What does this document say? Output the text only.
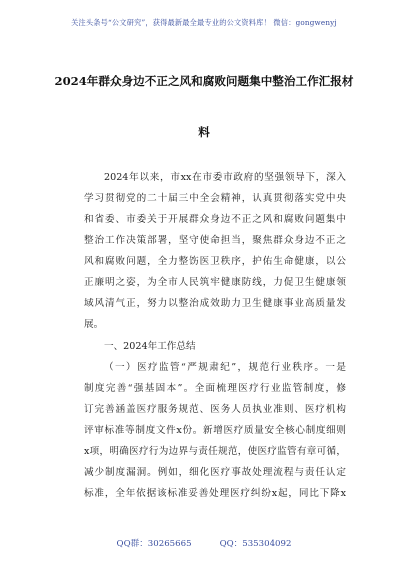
关注头条号“公文研究”，获得最新最全最专业的公文资料库！ 微信：gongwenyj
2024年群众身边不正之风和腐败问题集中整治工作汇报材
料
2024年以来，市xx在市委市政府的坚强领导下，深入
学习贯彻党的二十届三中全会精神，认真贯彻落实党中央
和省委、市委关于开展群众身边不正之风和腐败问题集中
整治工作决策部署，坚守使命担当，聚焦群众身边不正之
风和腐败问题，全力整饬医卫秩序，护佑生命健康，以公
正廉明之姿，为全市人民筑牢健康防线，力促卫生健康领
域风清气正，努力以整治成效助力卫生健康事业高质量发
展。
一、2024年工作总结
（一）医疗监管“严规肃纪”，规范行业秩序。一是
制度完善“强基固本”。全面梳理医疗行业监管制度，修
订完善涵盖医疗服务规范、医务人员执业准则、医疗机构
评审标准等制度文件x份。新增医疗质量安全核心制度细则
x项，明确医疗行为边界与责任规范，使医疗监管有章可循，
减少制度漏洞。例如，细化医疗事故处理流程与责任认定
标准，全年依据该标准妥善处理医疗纠纷x起，同比下降x
QQ群：30265665	QQ：535304092
